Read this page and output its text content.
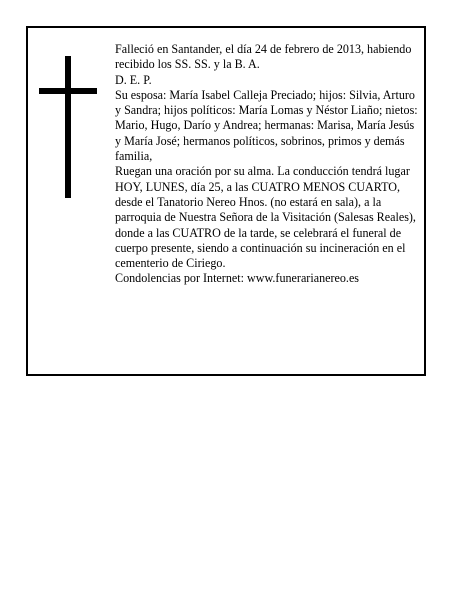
Falleció en Santander, el día 24 de febrero de 2013, habiendo recibido los SS. SS. y la B. A.

D. E. P.

Su esposa: María Isabel Calleja Preciado; hijos: Silvia, Arturo y Sandra; hijos políticos: María Lomas y Néstor Liaño; nietos: Mario, Hugo, Darío y Andrea; hermanas: Marisa, María Jesús y María José; hermanos políticos, sobrinos, primos y demás familia,

Ruegan una oración por su alma. La conducción tendrá lugar HOY, LUNES, día 25, a las CUATRO MENOS CUARTO, desde el Tanatorio Nereo Hnos. (no estará en sala), a la parroquia de Nuestra Señora de la Visitación (Salesas Reales), donde a las CUATRO de la tarde, se celebrará el funeral de cuerpo presente, siendo a continuación su incineración en el cementerio de Ciriego.

Condolencias por Internet: www.funerarianereo.es
